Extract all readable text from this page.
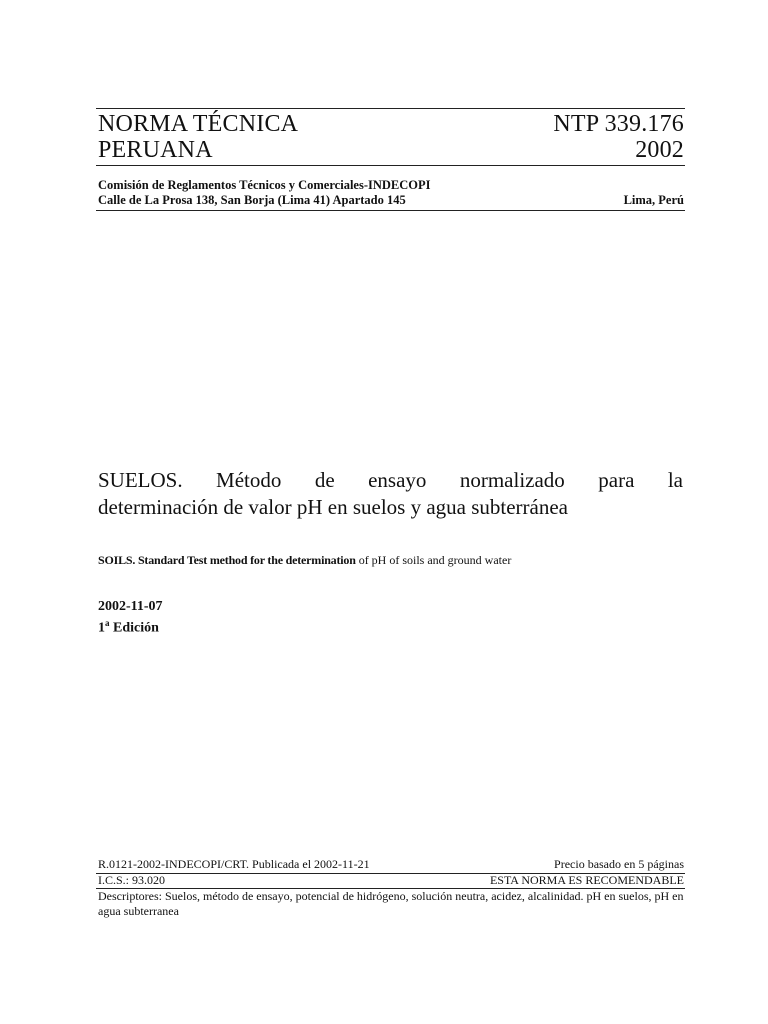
NORMA TÉCNICA
PERUANA
NTP 339.176
2002
Comisión de Reglamentos Técnicos y Comerciales-INDECOPI
Calle de La Prosa 138, San Borja (Lima 41) Apartado 145	Lima, Perú
SUELOS. Método de ensayo normalizado para la
determinación de valor pH en suelos y agua subterránea
SOILS. Standard Test method for the determination of pH of soils and ground water
2002-11-07
1$^a$ Edición
R.0121-2002-INDECOPI/CRT. Publicada el 2002-11-21	Precio basado en 5 páginas
I.C.S.: 93.020	ESTA NORMA ES RECOMENDABLE
Descriptores: Suelos, método de ensayo, potencial de hidrógeno, solución neutra, acidez, alcalinidad. pH en suelos, pH en agua subterranea
